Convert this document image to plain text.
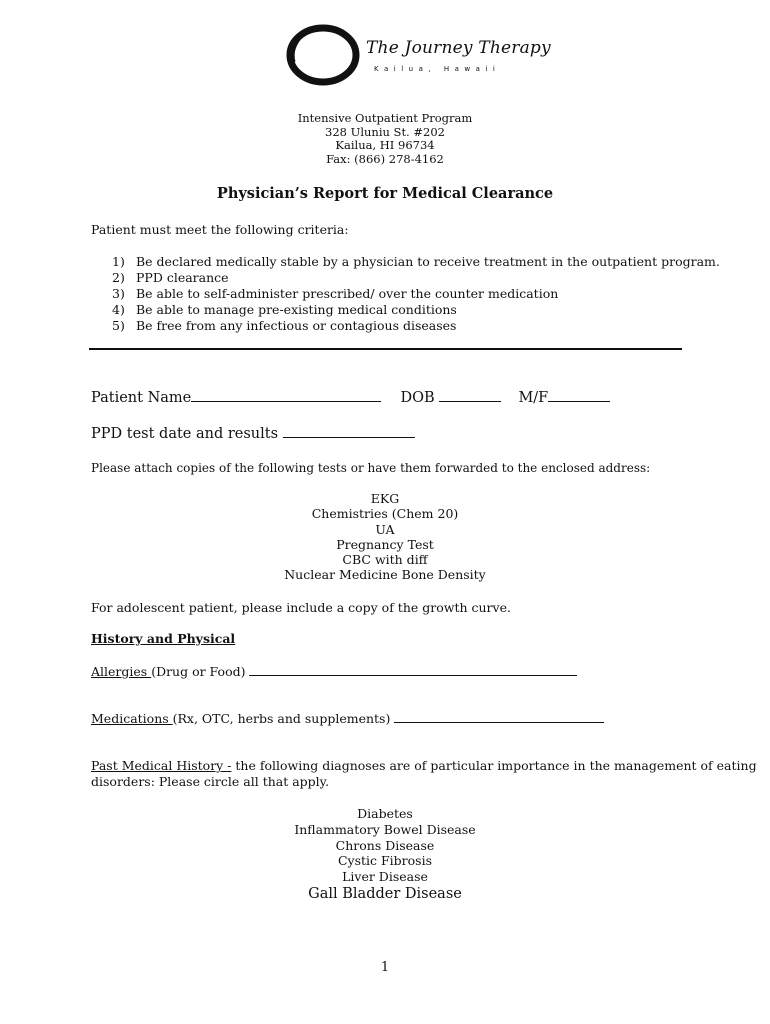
The Journey Therapy
Kailua, Hawaii
Intensive Outpatient Program
328 Uluniu St. #202
Kailua, HI 96734
Fax: (866) 278-4162
Physician’s Report for Medical Clearance
Patient must meet the following criteria:
1) Be declared medically stable by a physician to receive treatment in the outpatient program.
2) PPD clearance
3) Be able to self-administer prescribed/ over the counter medication
4) Be able to manage pre-existing medical conditions
5) Be free from any infectious or contagious diseases
Patient Name	DOB	M/F
PPD test date and results
Please attach copies of the following tests or have them forwarded to the enclosed address:
EKG
Chemistries (Chem 20)
UA
Pregnancy Test
CBC with diff
Nuclear Medicine Bone Density
For adolescent patient, please include a copy of the growth curve.
History and Physical
Allergies (Drug or Food)
Medications (Rx, OTC, herbs and supplements)
Past Medical History - the following diagnoses are of particular importance in the management of eating
disorders: Please circle all that apply.
Diabetes
Inflammatory Bowel Disease
Chrons Disease
Cystic Fibrosis
Liver Disease
Gall Bladder Disease
1
